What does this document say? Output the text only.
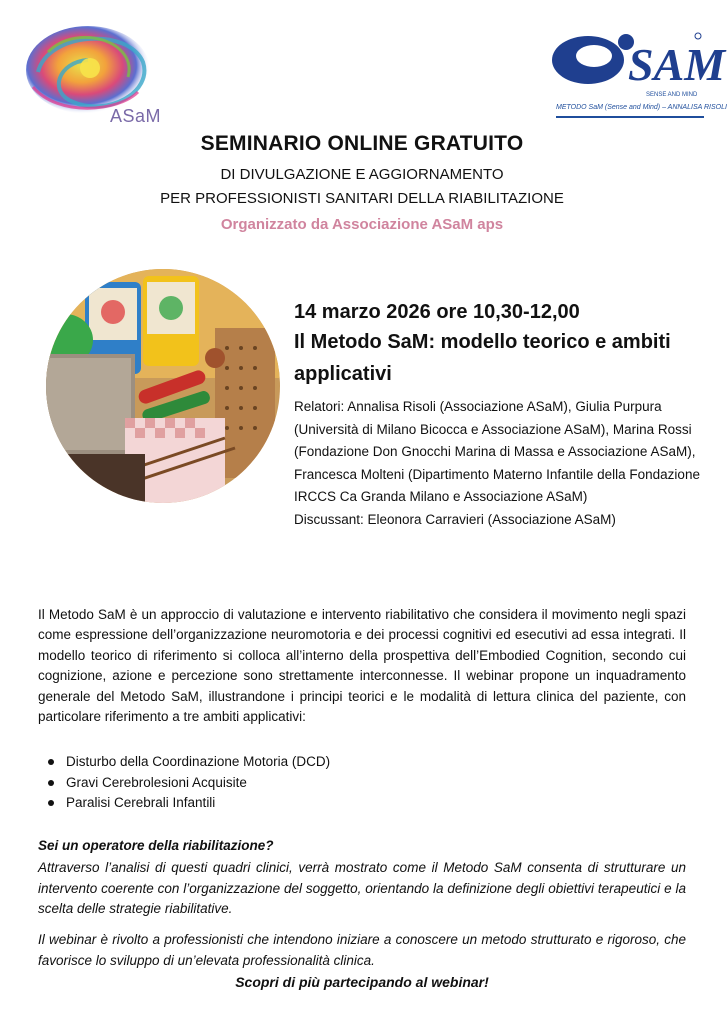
ASaM
SAM
SENSE AND MIND
METODO SaM (Sense and Mind) – ANNALISA RISOLI
SEMINARIO ONLINE GRATUITO
DI DIVULGAZIONE E AGGIORNAMENTO
PER PROFESSIONISTI SANITARI DELLA RIABILITAZIONE
Organizzato da Associazione ASaM aps
14 marzo 2026 ore 10,30-12,00
Il Metodo SaM: modello teorico e ambiti applicativi
Relatori: Annalisa Risoli (Associazione ASaM), Giulia Purpura (Università di Milano Bicocca e Associazione ASaM), Marina Rossi (Fondazione Don Gnocchi Marina di Massa e Associazione ASaM), Francesca Molteni (Dipartimento Materno Infantile della Fondazione IRCCS Ca Granda Milano e Associazione ASaM)
Discussant: Eleonora Carravieri (Associazione ASaM)
Il Metodo SaM è un approccio di valutazione e intervento riabilitativo che considera il movimento negli spazi come espressione dell’organizzazione neuromotoria e dei processi cognitivi ed esecutivi ad essa integrati. Il modello teorico di riferimento si colloca all’interno della prospettiva dell’Embodied Cognition, secondo cui cognizione, azione e percezione sono strettamente interconnesse. Il webinar propone un inquadramento generale del Metodo SaM, illustrandone i principi teorici e le modalità di lettura clinica del paziente, con particolare riferimento a tre ambiti applicativi:
Disturbo della Coordinazione Motoria (DCD)
Gravi Cerebrolesioni Acquisite
Paralisi Cerebrali Infantili
Sei un operatore della riabilitazione?
Attraverso l’analisi di questi quadri clinici, verrà mostrato come il Metodo SaM consenta di strutturare un intervento coerente con l’organizzazione del soggetto, orientando la definizione degli obiettivi terapeutici e la scelta delle strategie riabilitative.
Il webinar è rivolto a professionisti che intendono iniziare a conoscere un metodo strutturato e rigoroso, che favorisce lo sviluppo di un’elevata professionalità clinica.
Scopri di più partecipando al webinar!
